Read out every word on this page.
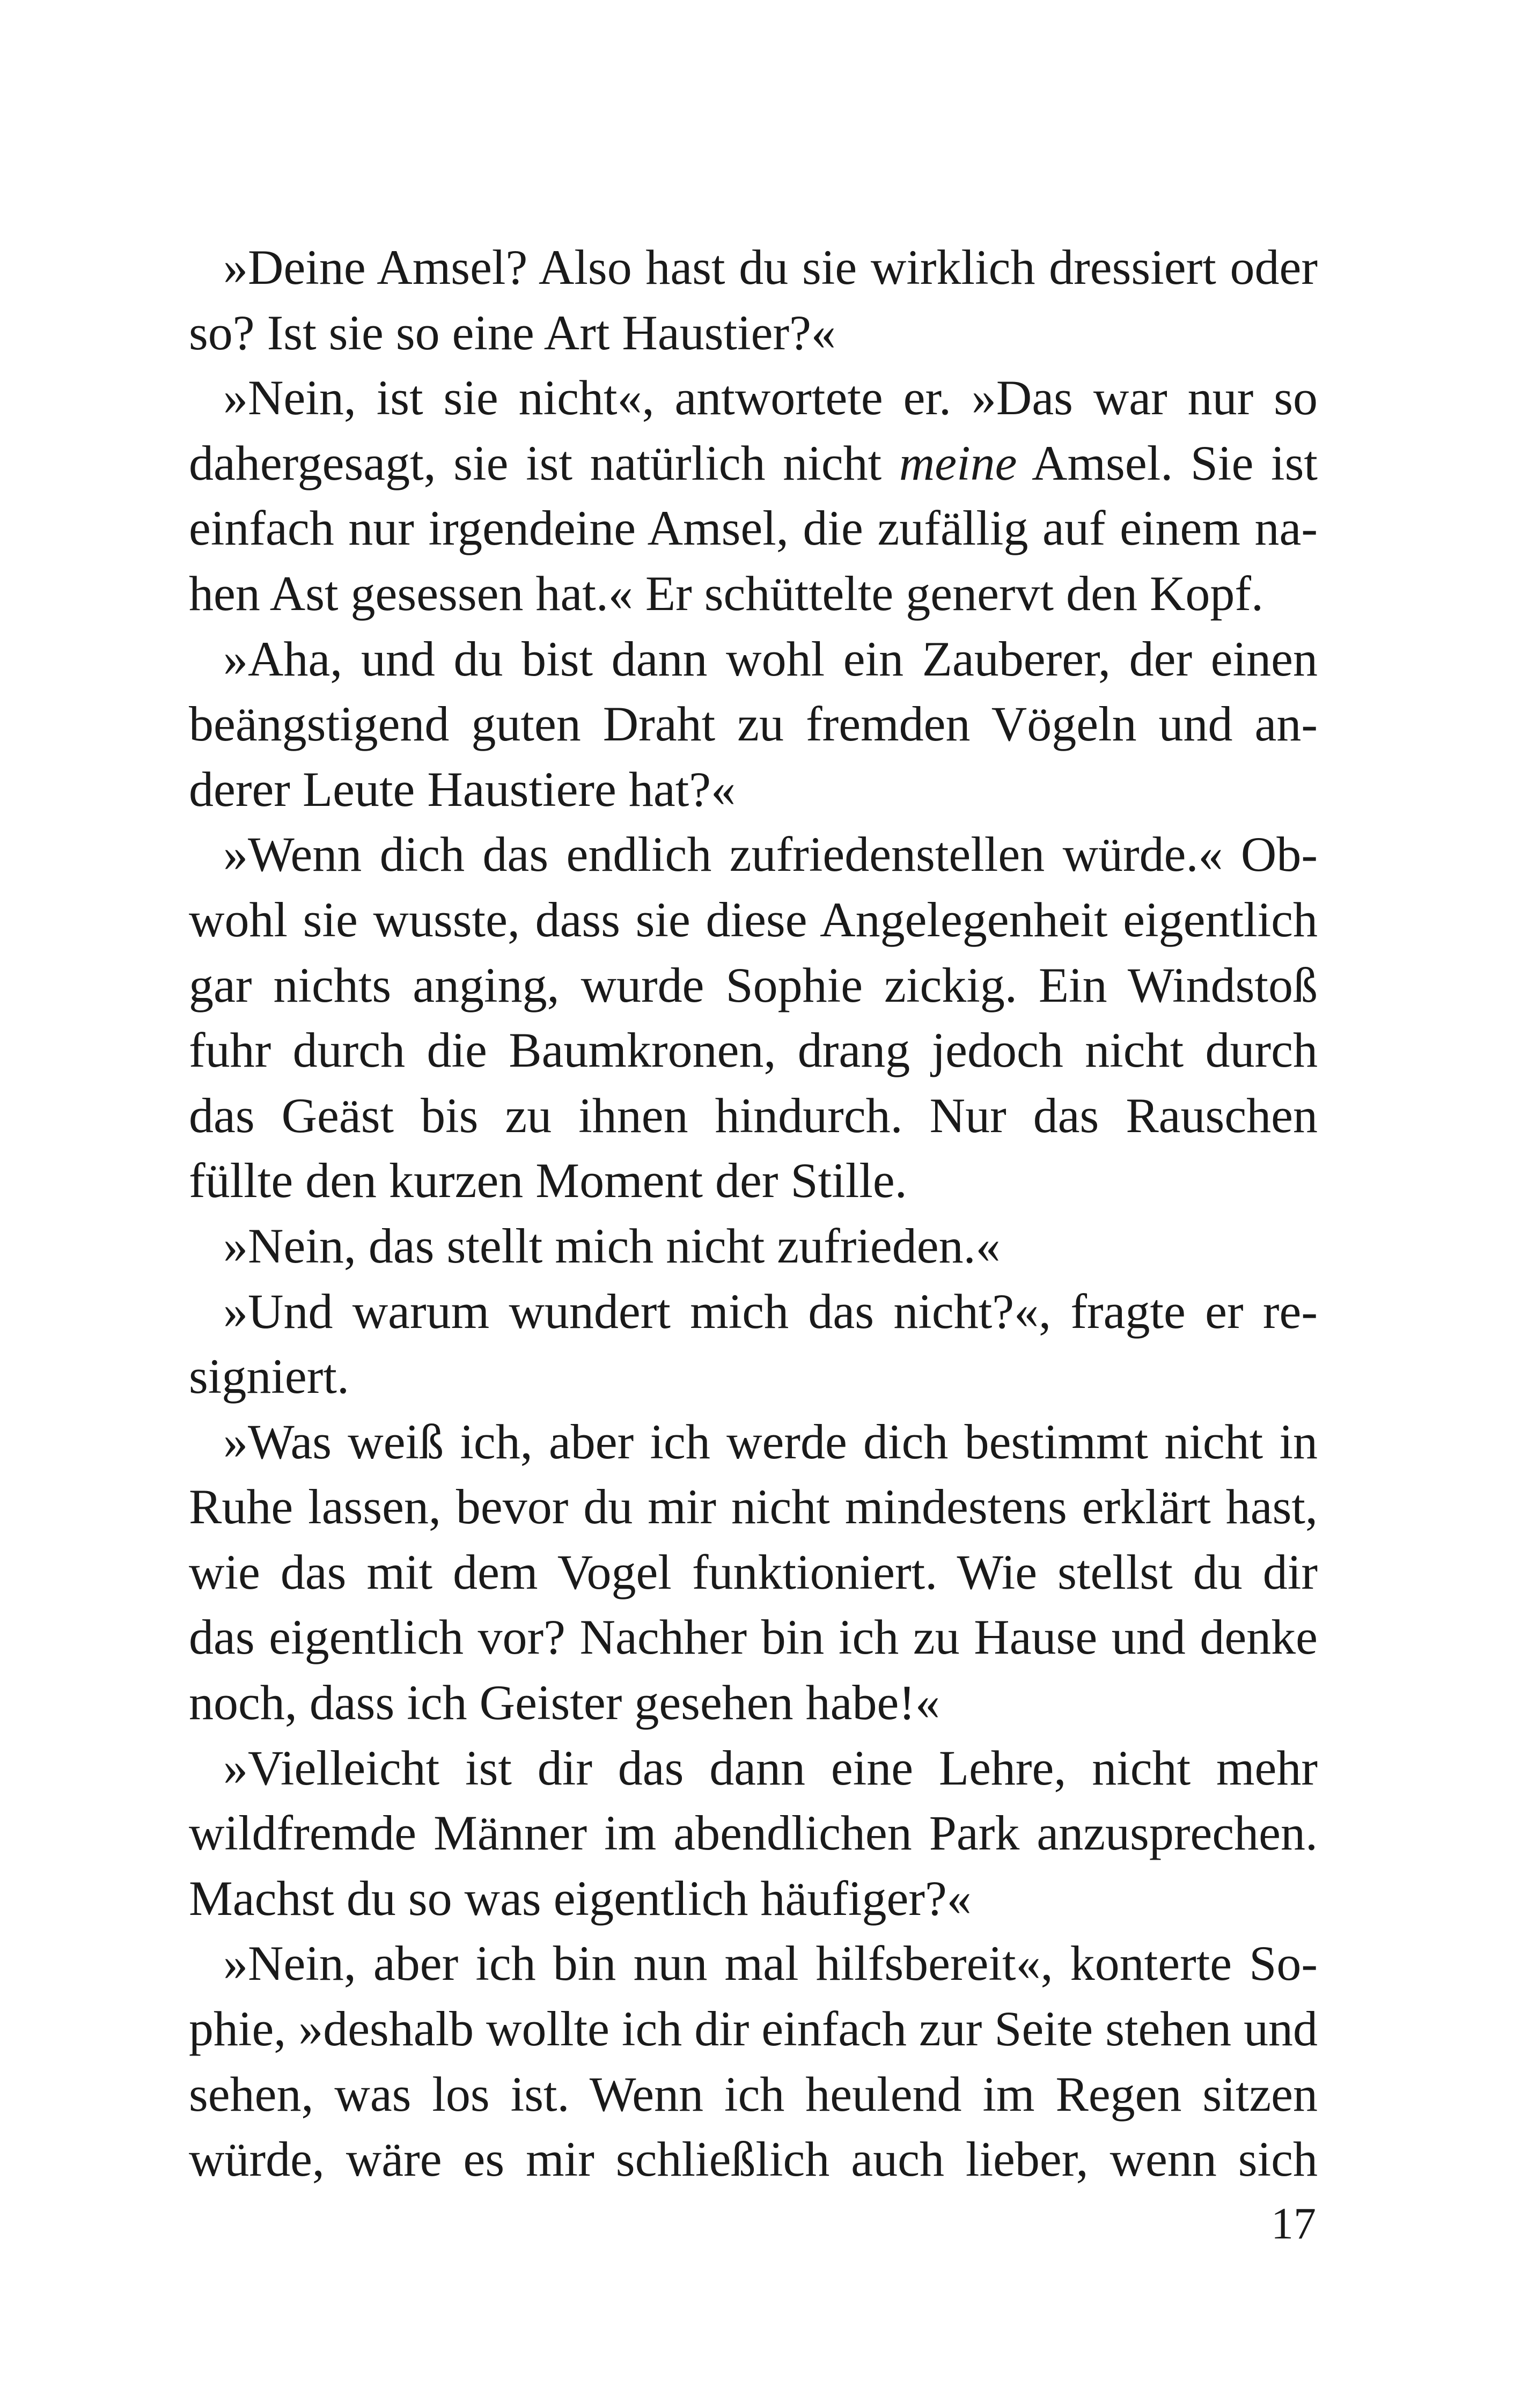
»Deine Amsel? Also hast du sie wirklich dressiert oder
so? Ist sie so eine Art Haustier?«
»Nein, ist sie nicht«, antwortete er. »Das war nur so
dahergesagt, sie ist natürlich nicht meine Amsel. Sie ist
einfach nur irgendeine Amsel, die zufällig auf einem na-
hen Ast gesessen hat.« Er schüttelte genervt den Kopf.
»Aha, und du bist dann wohl ein Zauberer, der einen
beängstigend guten Draht zu fremden Vögeln und an-
derer Leute Haustiere hat?«
»Wenn dich das endlich zufriedenstellen würde.« Ob-
wohl sie wusste, dass sie diese Angelegenheit eigentlich
gar nichts anging, wurde Sophie zickig. Ein Windstoß
fuhr durch die Baumkronen, drang jedoch nicht durch
das Geäst bis zu ihnen hindurch. Nur das Rauschen
füllte den kurzen Moment der Stille.
»Nein, das stellt mich nicht zufrieden.«
»Und warum wundert mich das nicht?«, fragte er re-
signiert.
»Was weiß ich, aber ich werde dich bestimmt nicht in
Ruhe lassen, bevor du mir nicht mindestens erklärt hast,
wie das mit dem Vogel funktioniert. Wie stellst du dir
das eigentlich vor? Nachher bin ich zu Hause und denke
noch, dass ich Geister gesehen habe!«
»Vielleicht ist dir das dann eine Lehre, nicht mehr
wildfremde Männer im abendlichen Park anzusprechen.
Machst du so was eigentlich häufiger?«
»Nein, aber ich bin nun mal hilfsbereit«, konterte So-
phie, »deshalb wollte ich dir einfach zur Seite stehen und
sehen, was los ist. Wenn ich heulend im Regen sitzen
würde, wäre es mir schließlich auch lieber, wenn sich
17
